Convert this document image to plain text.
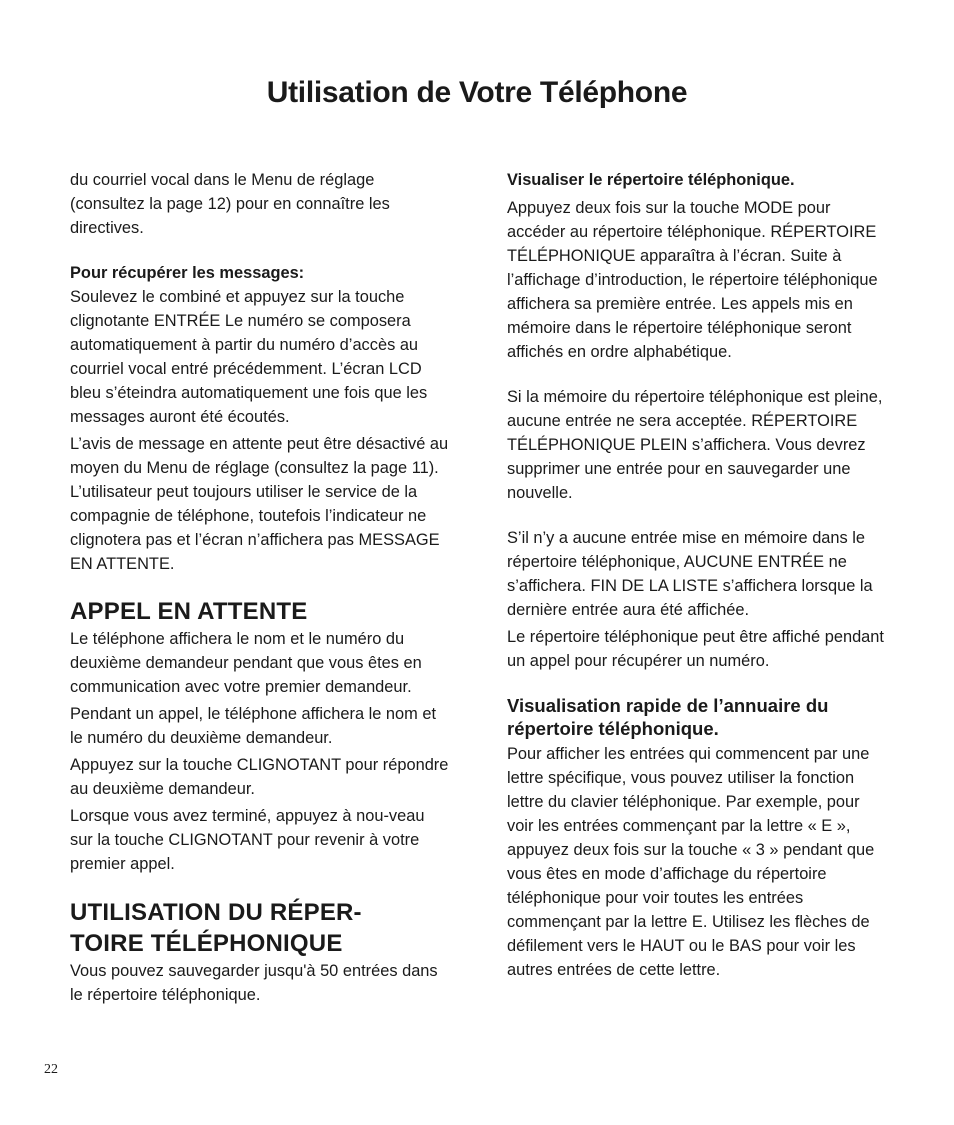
Utilisation de Votre Téléphone

du courriel vocal dans le Menu de réglage (consultez la page 12) pour en connaître les directives.

Pour récupérer les messages:

Soulevez le combiné et appuyez sur la touche clignotante ENTRÉE Le numéro se composera automatiquement à partir du numéro d’accès au courriel vocal entré précédemment. L’écran LCD bleu s’éteindra automatiquement une fois que les messages auront été écoutés.

L’avis de message en attente peut être désactivé au moyen du Menu de réglage (consultez la page 11). L’utilisateur peut toujours utiliser le service de la compagnie de téléphone, toutefois l’indicateur ne clignotera pas et l’écran n’affichera pas MESSAGE EN ATTENTE.

APPEL EN ATTENTE

Le téléphone affichera le nom et le numéro du deuxième demandeur pendant que vous êtes en communication avec votre premier demandeur.

Pendant un appel, le téléphone affichera le nom et le numéro du deuxième demandeur.

Appuyez sur la touche CLIGNOTANT pour répondre au deuxième demandeur.

Lorsque vous avez terminé, appuyez à nou-veau sur la touche CLIGNOTANT pour revenir à votre premier appel.

UTILISATION DU RÉPER-TOIRE TÉLÉPHONIQUE

Vous pouvez sauvegarder jusqu'à 50 entrées dans le répertoire téléphonique.

Visualiser le répertoire téléphonique.

Appuyez deux fois sur la touche MODE pour accéder au répertoire téléphonique. RÉPERTOIRE TÉLÉPHONIQUE apparaîtra à l’écran. Suite à l’affichage d’introduction, le répertoire téléphonique affichera sa première entrée. Les appels mis en mémoire dans le répertoire téléphonique seront affichés en ordre alphabétique.

Si la mémoire du répertoire téléphonique est pleine, aucune entrée ne sera acceptée. RÉPERTOIRE TÉLÉPHONIQUE PLEIN s’affichera. Vous devrez supprimer une entrée pour en sauvegarder une nouvelle.

S’il n’y a aucune entrée mise en mémoire dans le répertoire téléphonique, AUCUNE ENTRÉE ne s’affichera. FIN DE LA LISTE s’affichera lorsque la dernière entrée aura été affichée.

Le répertoire téléphonique peut être affiché pendant un appel pour récupérer un numéro.

Visualisation rapide de l’annuaire du répertoire téléphonique.

Pour afficher les entrées qui commencent par une lettre spécifique, vous pouvez utiliser la fonction lettre du clavier téléphonique. Par exemple, pour voir les entrées commençant par la lettre « E », appuyez deux fois sur la touche « 3 » pendant que vous êtes en mode d’affichage du répertoire téléphonique pour voir toutes les entrées commençant par la lettre E. Utilisez les flèches de défilement vers le HAUT ou le BAS pour voir les autres entrées de cette lettre.

22
